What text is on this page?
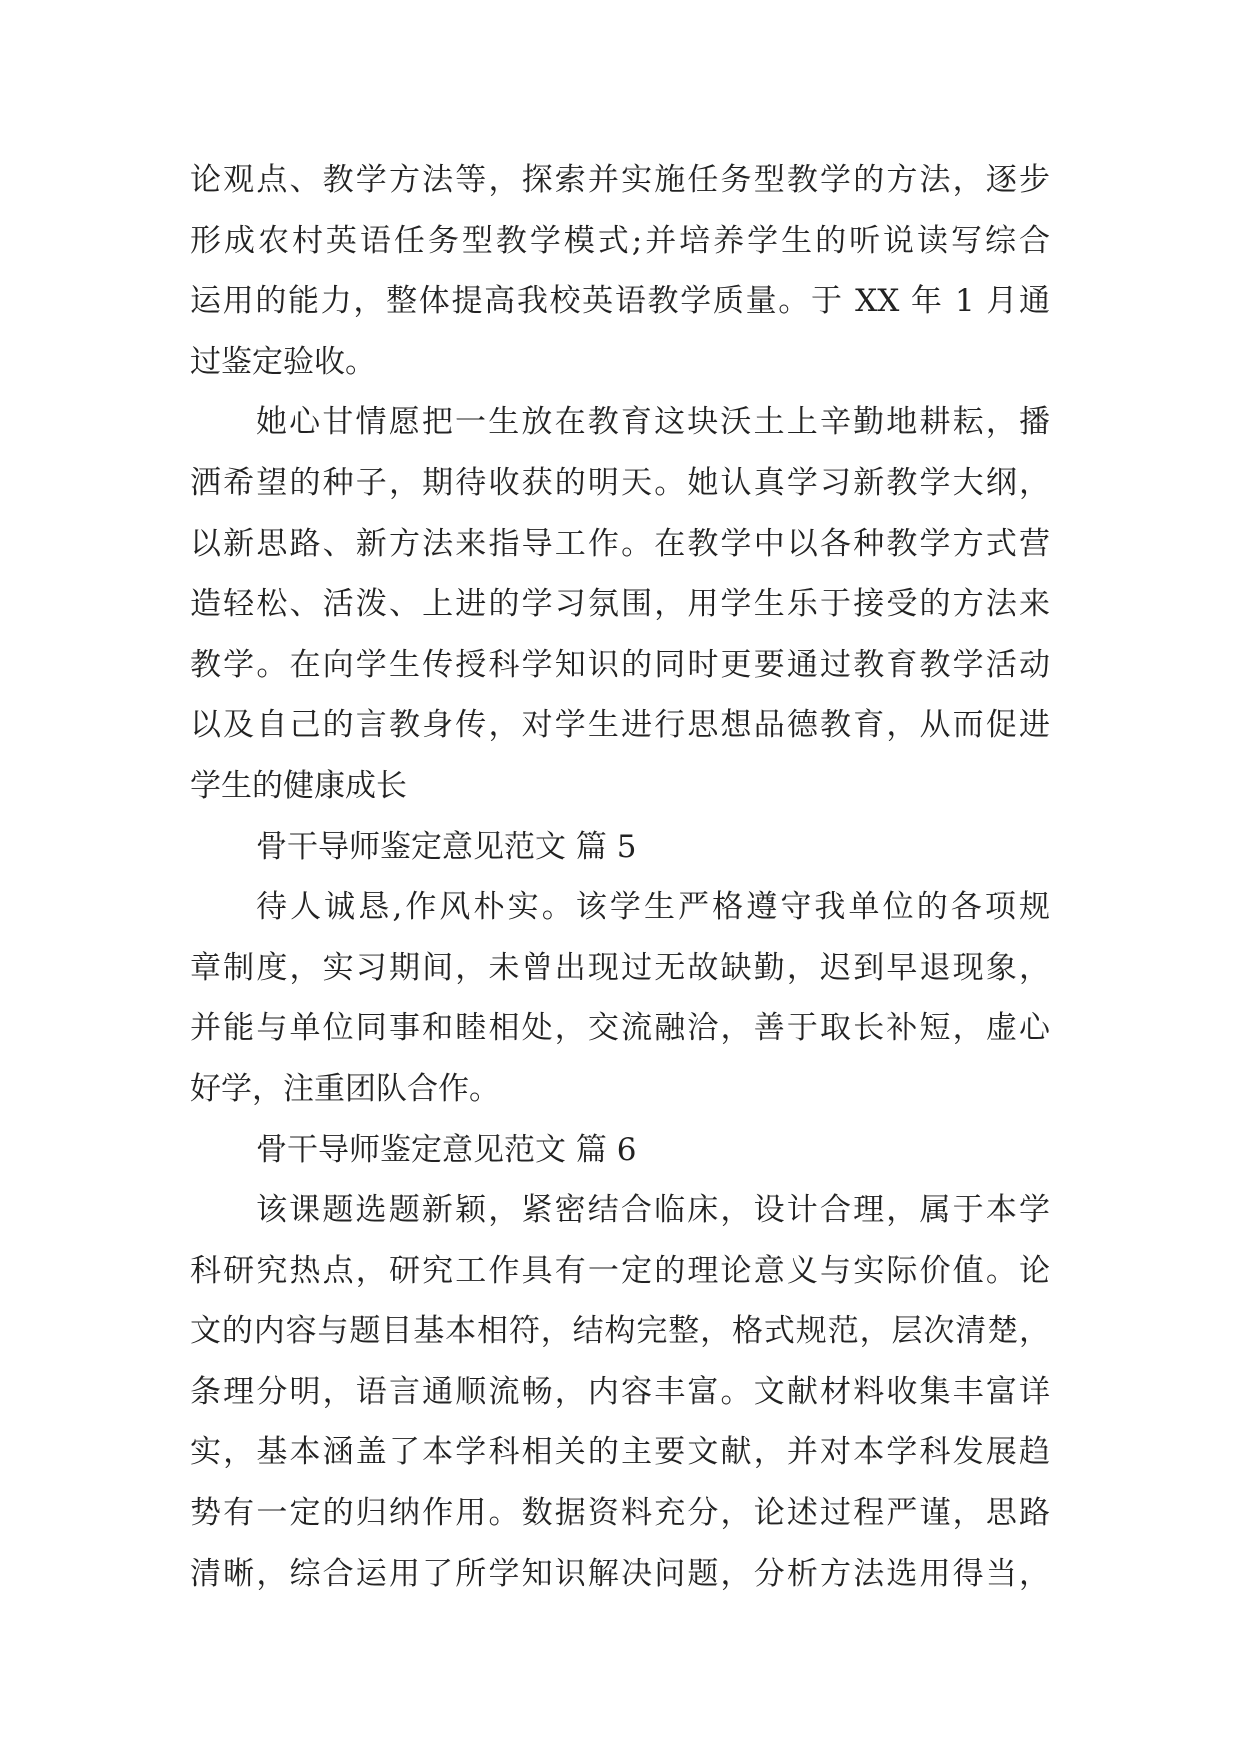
论观点、教学方法等，探索并实施任务型教学的方法，逐步
形成农村英语任务型教学模式;并培养学生的听说读写综合
运用的能力，整体提高我校英语教学质量。于 XX 年 1 月通
过鉴定验收。
她心甘情愿把一生放在教育这块沃土上辛勤地耕耘，播
洒希望的种子，期待收获的明天。她认真学习新教学大纲，
以新思路、新方法来指导工作。在教学中以各种教学方式营
造轻松、活泼、上进的学习氛围，用学生乐于接受的方法来
教学。在向学生传授科学知识的同时更要通过教育教学活动
以及自己的言教身传，对学生进行思想品德教育，从而促进
学生的健康成长
骨干导师鉴定意见范文 篇 5
待人诚恳,作风朴实。该学生严格遵守我单位的各项规
章制度，实习期间，未曾出现过无故缺勤，迟到早退现象，
并能与单位同事和睦相处，交流融洽，善于取长补短，虚心
好学，注重团队合作。
骨干导师鉴定意见范文 篇 6
该课题选题新颖，紧密结合临床，设计合理，属于本学
科研究热点，研究工作具有一定的理论意义与实际价值。论
文的内容与题目基本相符，结构完整，格式规范，层次清楚，
条理分明，语言通顺流畅，内容丰富。文献材料收集丰富详
实，基本涵盖了本学科相关的主要文献，并对本学科发展趋
势有一定的归纳作用。数据资料充分，论述过程严谨，思路
清晰，综合运用了所学知识解决问题，分析方法选用得当，
